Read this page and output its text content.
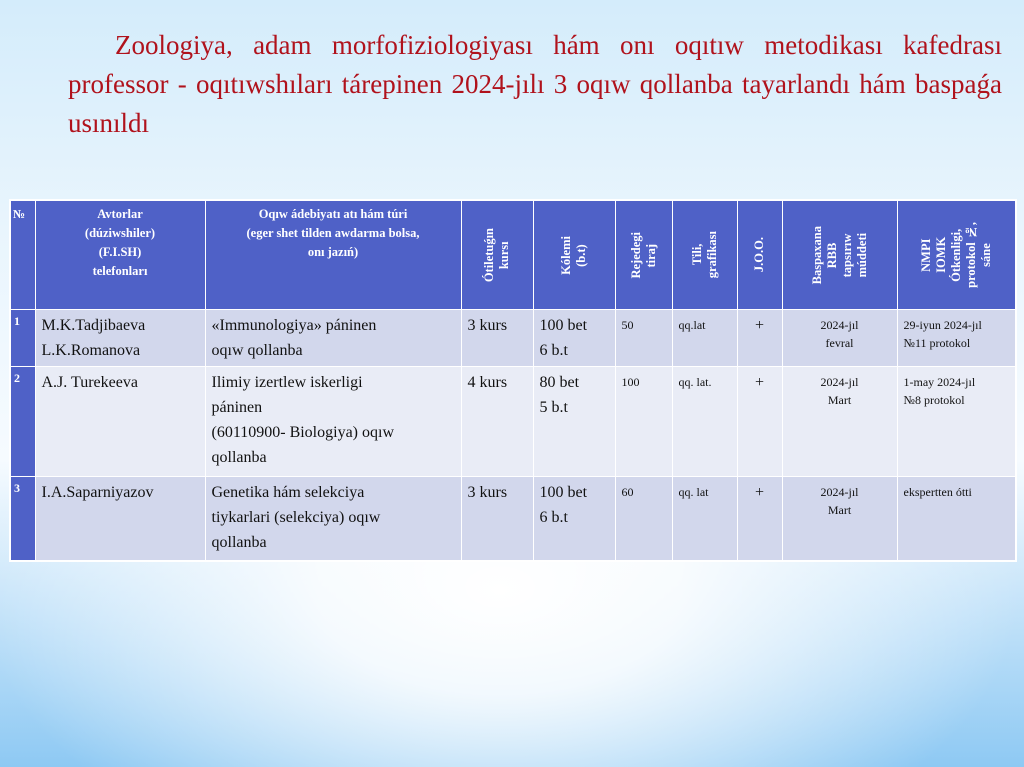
Zoologiya, adam morfofiziologiyası hám onı oqıtıw metodikası kafedrası professor - oqıtıwshıları tárepinen 2024-jılı 3 oqıw qollanba tayarlandı hám baspaǵa usınıldı
№	Avtorlar
(dúziwshiler)
(F.I.SH)
telefonları	Oqıw ádebiyatı atı hám túri
(eger shet tilden awdarma bolsa,
onı jazıń)	Ótiletuǵın
kursı	Kólemi
(b.t)	Rejedegi
tiraj	Tili,
grafikası	J.O.O.	Baspaxana
RBB
tapsırıw
múddeti	NMPI
IOMK
Ótkenligi,
protokol №,
sáne

1	M.K.Tadjibaeva
L.K.Romanova	«Immunologiya» páninen
oqıw qollanba	3 kurs	100 bet
6 b.t	50	qq.lat	+	2024-jıl
fevral	29-iyun 2024-jıl
№11 protokol
2	A.J. Turekeeva	Ilimiy izertlew iskerligi
páninen
(60110900- Biologiya) oqıw
qollanba	4 kurs	80 bet
5 b.t	100	qq. lat.	+	2024-jıl
Mart	1-may 2024-jıl
№8 protokol
3	I.A.Saparniyazov	Genetika hám selekciya
tiykarlari (selekciya) oqıw
qollanba	3 kurs	100 bet
6 b.t	60	qq. lat	+	2024-jıl
Mart	ekspertten ótti
